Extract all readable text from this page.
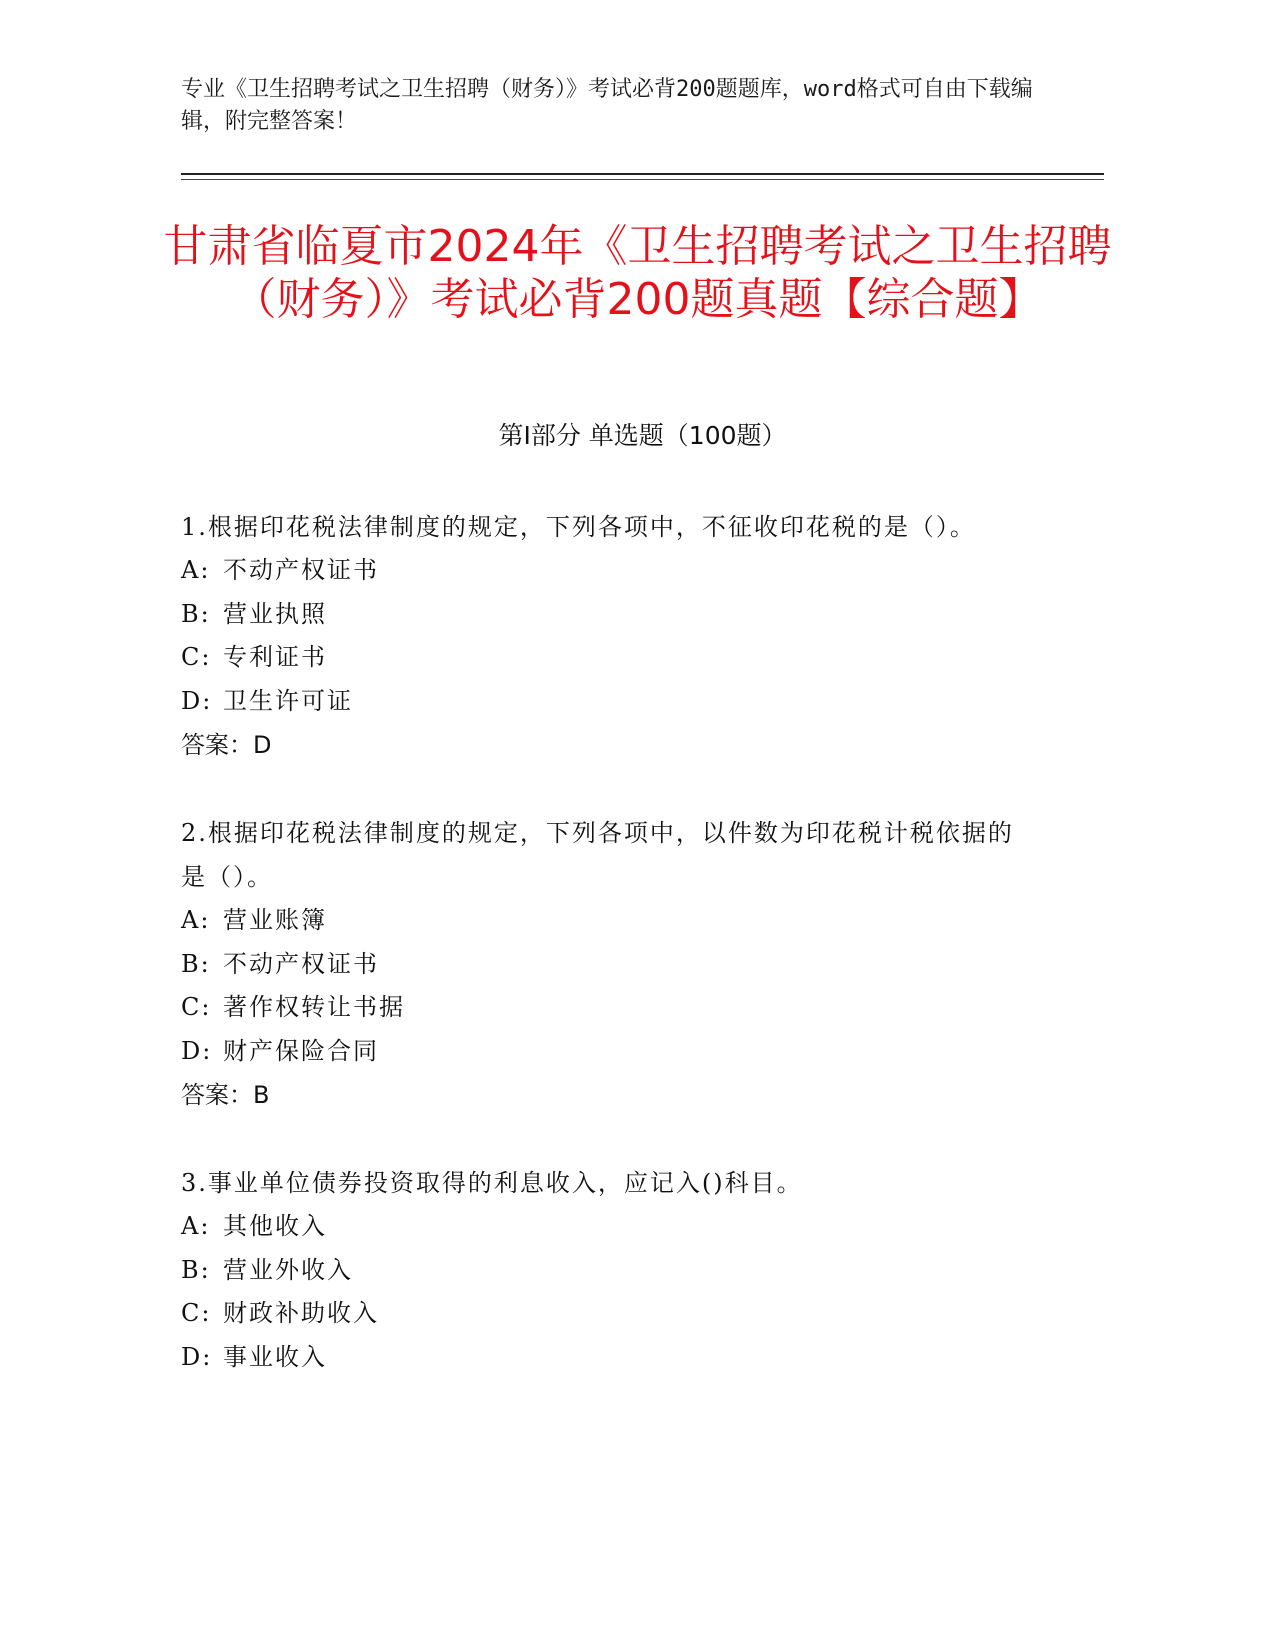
专业《卫生招聘考试之卫生招聘（财务）》考试必背200题题库，word格式可自由下载编辑，附完整答案！
甘肃省临夏市2024年《卫生招聘考试之卫生招聘（财务）》考试必背200题真题【综合题】
第I部分 单选题（100题）

1.根据印花税法律制度的规定，下列各项中，不征收印花税的是（）。

A: 不动产权证书
B: 营业执照
C: 专利证书
D: 卫生许可证
答案：D

2.根据印花税法律制度的规定，下列各项中，以件数为印花税计税依据的是（）。

A: 营业账簿
B: 不动产权证书
C: 著作权转让书据
D: 财产保险合同
答案：B

3.事业单位债券投资取得的利息收入，应记入()科目。

A: 其他收入
B: 营业外收入
C: 财政补助收入
D: 事业收入
